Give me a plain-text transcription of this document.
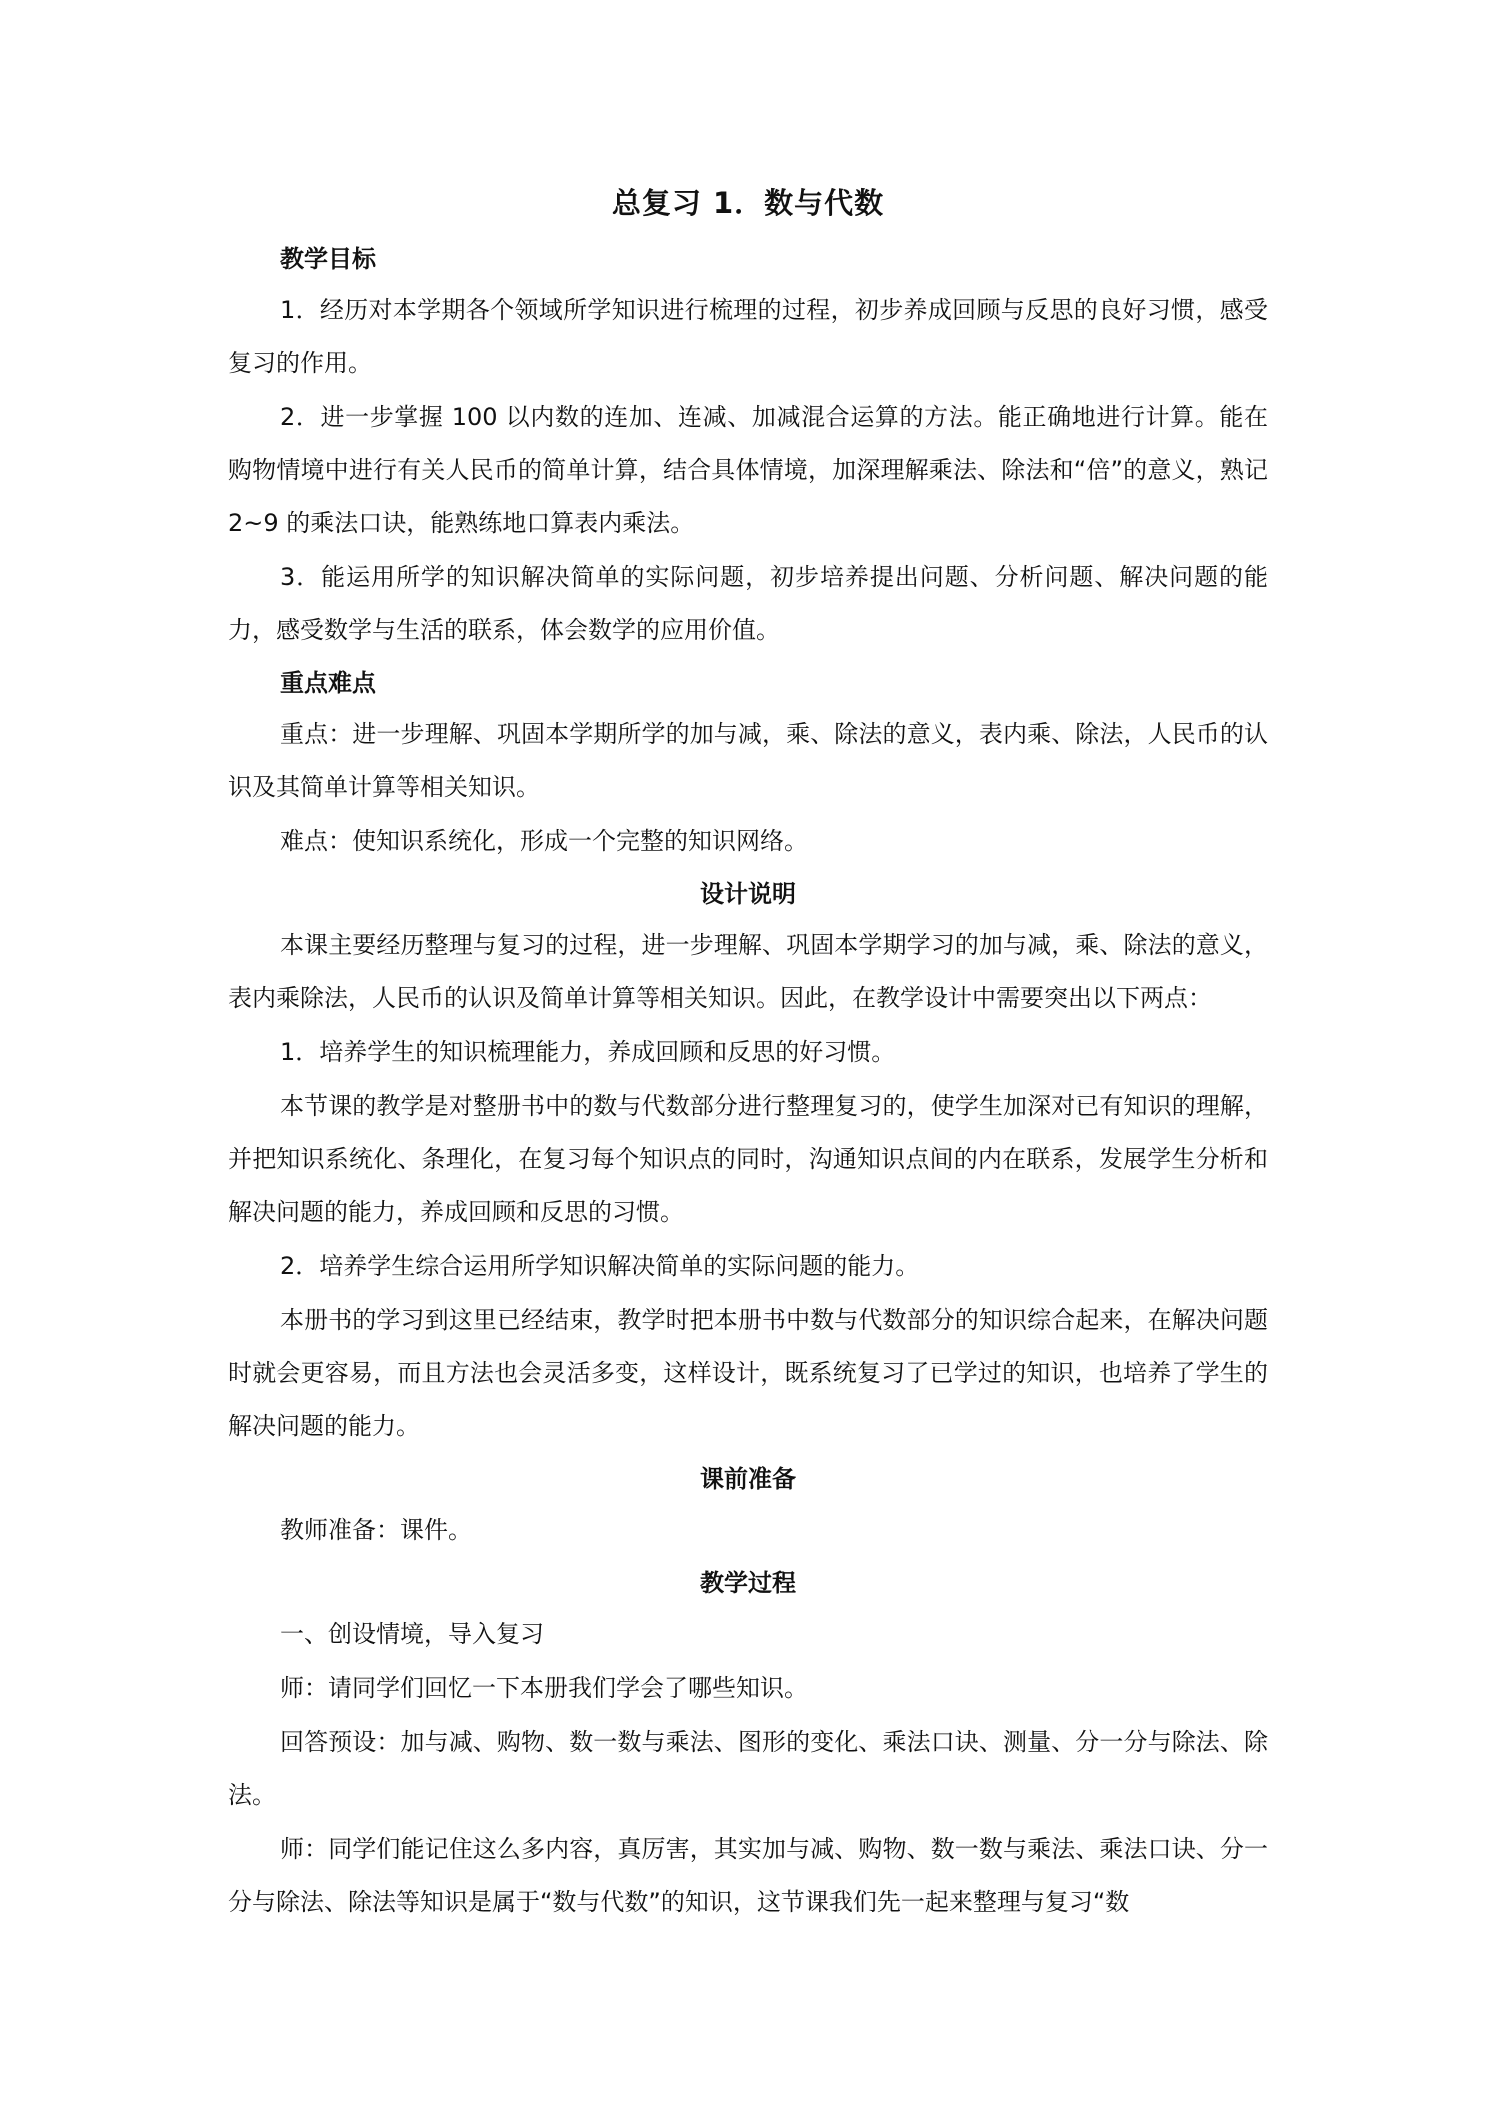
总复习 1．数与代数
教学目标

1．经历对本学期各个领域所学知识进行梳理的过程，初步养成回顾与反思的良好习惯，感受复习的作用。

2．进一步掌握 100 以内数的连加、连减、加减混合运算的方法。能正确地进行计算。能在购物情境中进行有关人民币的简单计算，结合具体情境，加深理解乘法、除法和“倍”的意义，熟记 2~9 的乘法口诀，能熟练地口算表内乘法。

3．能运用所学的知识解决简单的实际问题，初步培养提出问题、分析问题、解决问题的能力，感受数学与生活的联系，体会数学的应用价值。

重点难点

重点：进一步理解、巩固本学期所学的加与减，乘、除法的意义，表内乘、除法，人民币的认识及其简单计算等相关知识。

难点：使知识系统化，形成一个完整的知识网络。

设计说明

本课主要经历整理与复习的过程，进一步理解、巩固本学期学习的加与减，乘、除法的意义，表内乘除法，人民币的认识及简单计算等相关知识。因此，在教学设计中需要突出以下两点：

1．培养学生的知识梳理能力，养成回顾和反思的好习惯。

本节课的教学是对整册书中的数与代数部分进行整理复习的，使学生加深对已有知识的理解，并把知识系统化、条理化，在复习每个知识点的同时，沟通知识点间的内在联系，发展学生分析和解决问题的能力，养成回顾和反思的习惯。

2．培养学生综合运用所学知识解决简单的实际问题的能力。

本册书的学习到这里已经结束，教学时把本册书中数与代数部分的知识综合起来，在解决问题时就会更容易，而且方法也会灵活多变，这样设计，既系统复习了已学过的知识，也培养了学生的解决问题的能力。

课前准备

教师准备：课件。

教学过程

一、创设情境，导入复习

师：请同学们回忆一下本册我们学会了哪些知识。

回答预设：加与减、购物、数一数与乘法、图形的变化、乘法口诀、测量、分一分与除法、除法。

师：同学们能记住这么多内容，真厉害，其实加与减、购物、数一数与乘法、乘法口诀、分一分与除法、除法等知识是属于“数与代数”的知识，这节课我们先一起来整理与复习“数
